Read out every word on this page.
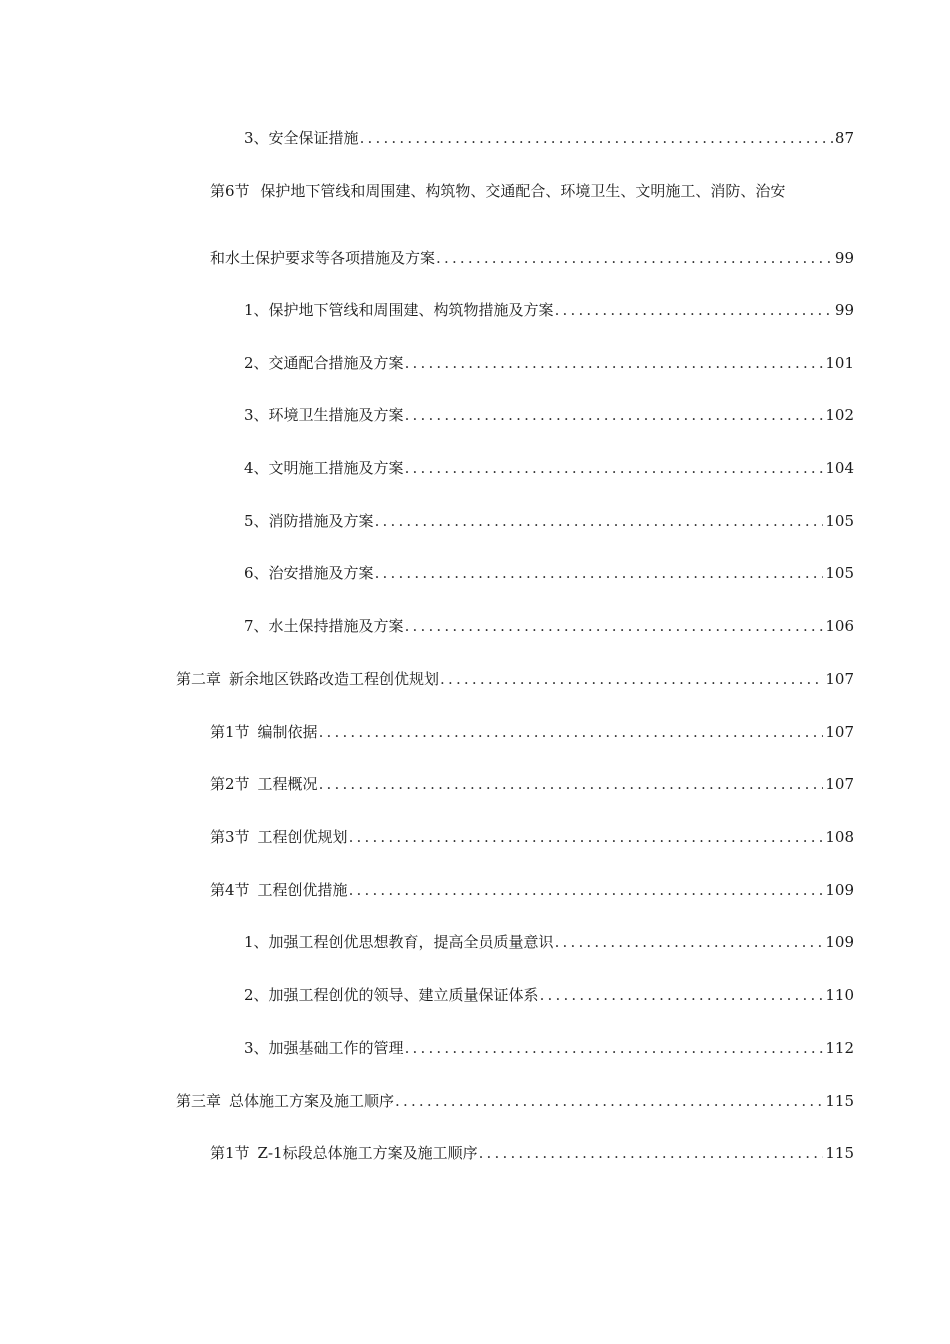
3、 安全保证措施 .....	87
第6节 保护地下管线和周围建、构筑物、交通配合、环境卫生、文明施工、消防、治安
和水土保护要求等各项措施及方案 .....	99
1、 保护地下管线和周围建、构筑物措施及方案 .....	99
2、 交通配合措施及方案 .....	101
3、 环境卫生措施及方案 .....	102
4、 文明施工措施及方案 .....	104
5、 消防措施及方案 .....	105
6、 治安措施及方案 .....	105
7、 水土保持措施及方案 .....	106
第二章 新余地区铁路改造工程创优规划 .....	107
第1节 编制依据 .....	107
第2节 工程概况 .....	107
第3节 工程创优规划 .....	108
第4节 工程创优措施 .....	109
1、 加强工程创优思想教育，提高全员质量意识 .....	109
2、 加强工程创优的领导、建立质量保证体系 .....	110
3、 加强基础工作的管理 .....	112
第三章 总体施工方案及施工顺序 .....	115
第1节 Z-1标段总体施工方案及施工顺序 .....	115
